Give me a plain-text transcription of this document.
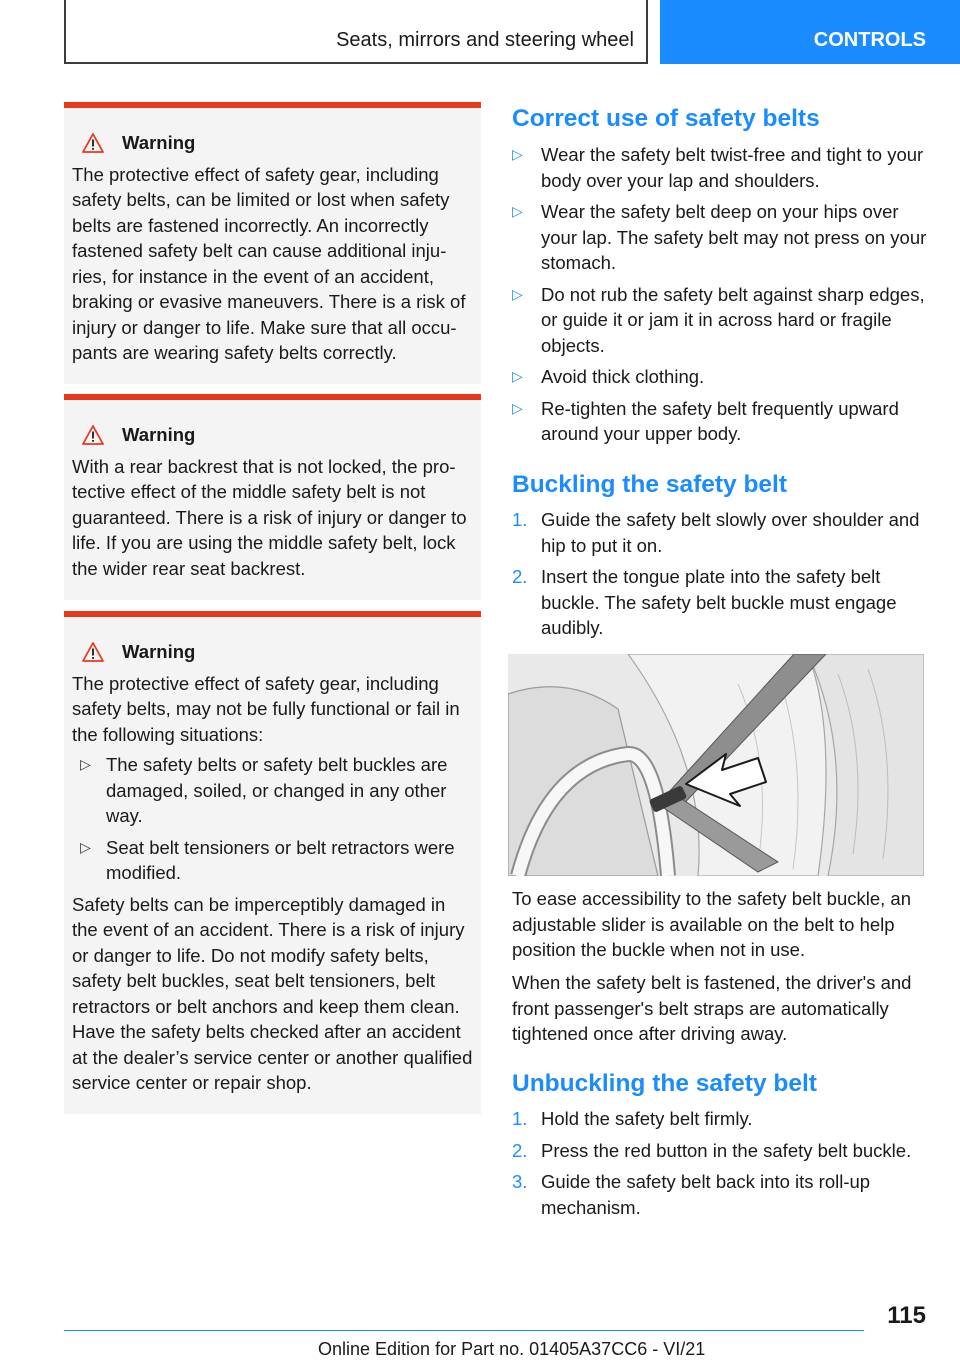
Seats, mirrors and steering wheel	CONTROLS
Warning

The protective effect of safety gear, including safety belts, can be limited or lost when safety belts are fastened incorrectly. An incorrectly fastened safety belt can cause additional injuries, for instance in the event of an accident, braking or evasive maneuvers. There is a risk of injury or danger to life. Make sure that all occupants are wearing safety belts correctly.

Warning

With a rear backrest that is not locked, the protective effect of the middle safety belt is not guaranteed. There is a risk of injury or danger to life. If you are using the middle safety belt, lock the wider rear seat backrest.

Warning

The protective effect of safety gear, including safety belts, may not be fully functional or fail in the following situations:

▷ The safety belts or safety belt buckles are damaged, soiled, or changed in any other way.
▷ Seat belt tensioners or belt retractors were modified.

Safety belts can be imperceptibly damaged in the event of an accident. There is a risk of injury or danger to life. Do not modify safety belts, safety belt buckles, seat belt tensioners, belt retractors or belt anchors and keep them clean. Have the safety belts checked after an accident at the dealer’s service center or another qualified service center or repair shop.

Correct use of safety belts
▷ Wear the safety belt twist-free and tight to your body over your lap and shoulders.
▷ Wear the safety belt deep on your hips over your lap. The safety belt may not press on your stomach.
▷ Do not rub the safety belt against sharp edges, or guide it or jam it in across hard or fragile objects.
▷ Avoid thick clothing.
▷ Re-tighten the safety belt frequently upward around your upper body.
Buckling the safety belt
1. Guide the safety belt slowly over shoulder and hip to put it on.
2. Insert the tongue plate into the safety belt buckle. The safety belt buckle must engage audibly.

To ease accessibility to the safety belt buckle, an adjustable slider is available on the belt to help position the buckle when not in use.

When the safety belt is fastened, the driver's and front passenger's belt straps are automatically tightened once after driving away.

Unbuckling the safety belt
1. Hold the safety belt firmly.
2. Press the red button in the safety belt buckle.
3. Guide the safety belt back into its roll-up mechanism.
115
Online Edition for Part no. 01405A37CC6 - VI/21
